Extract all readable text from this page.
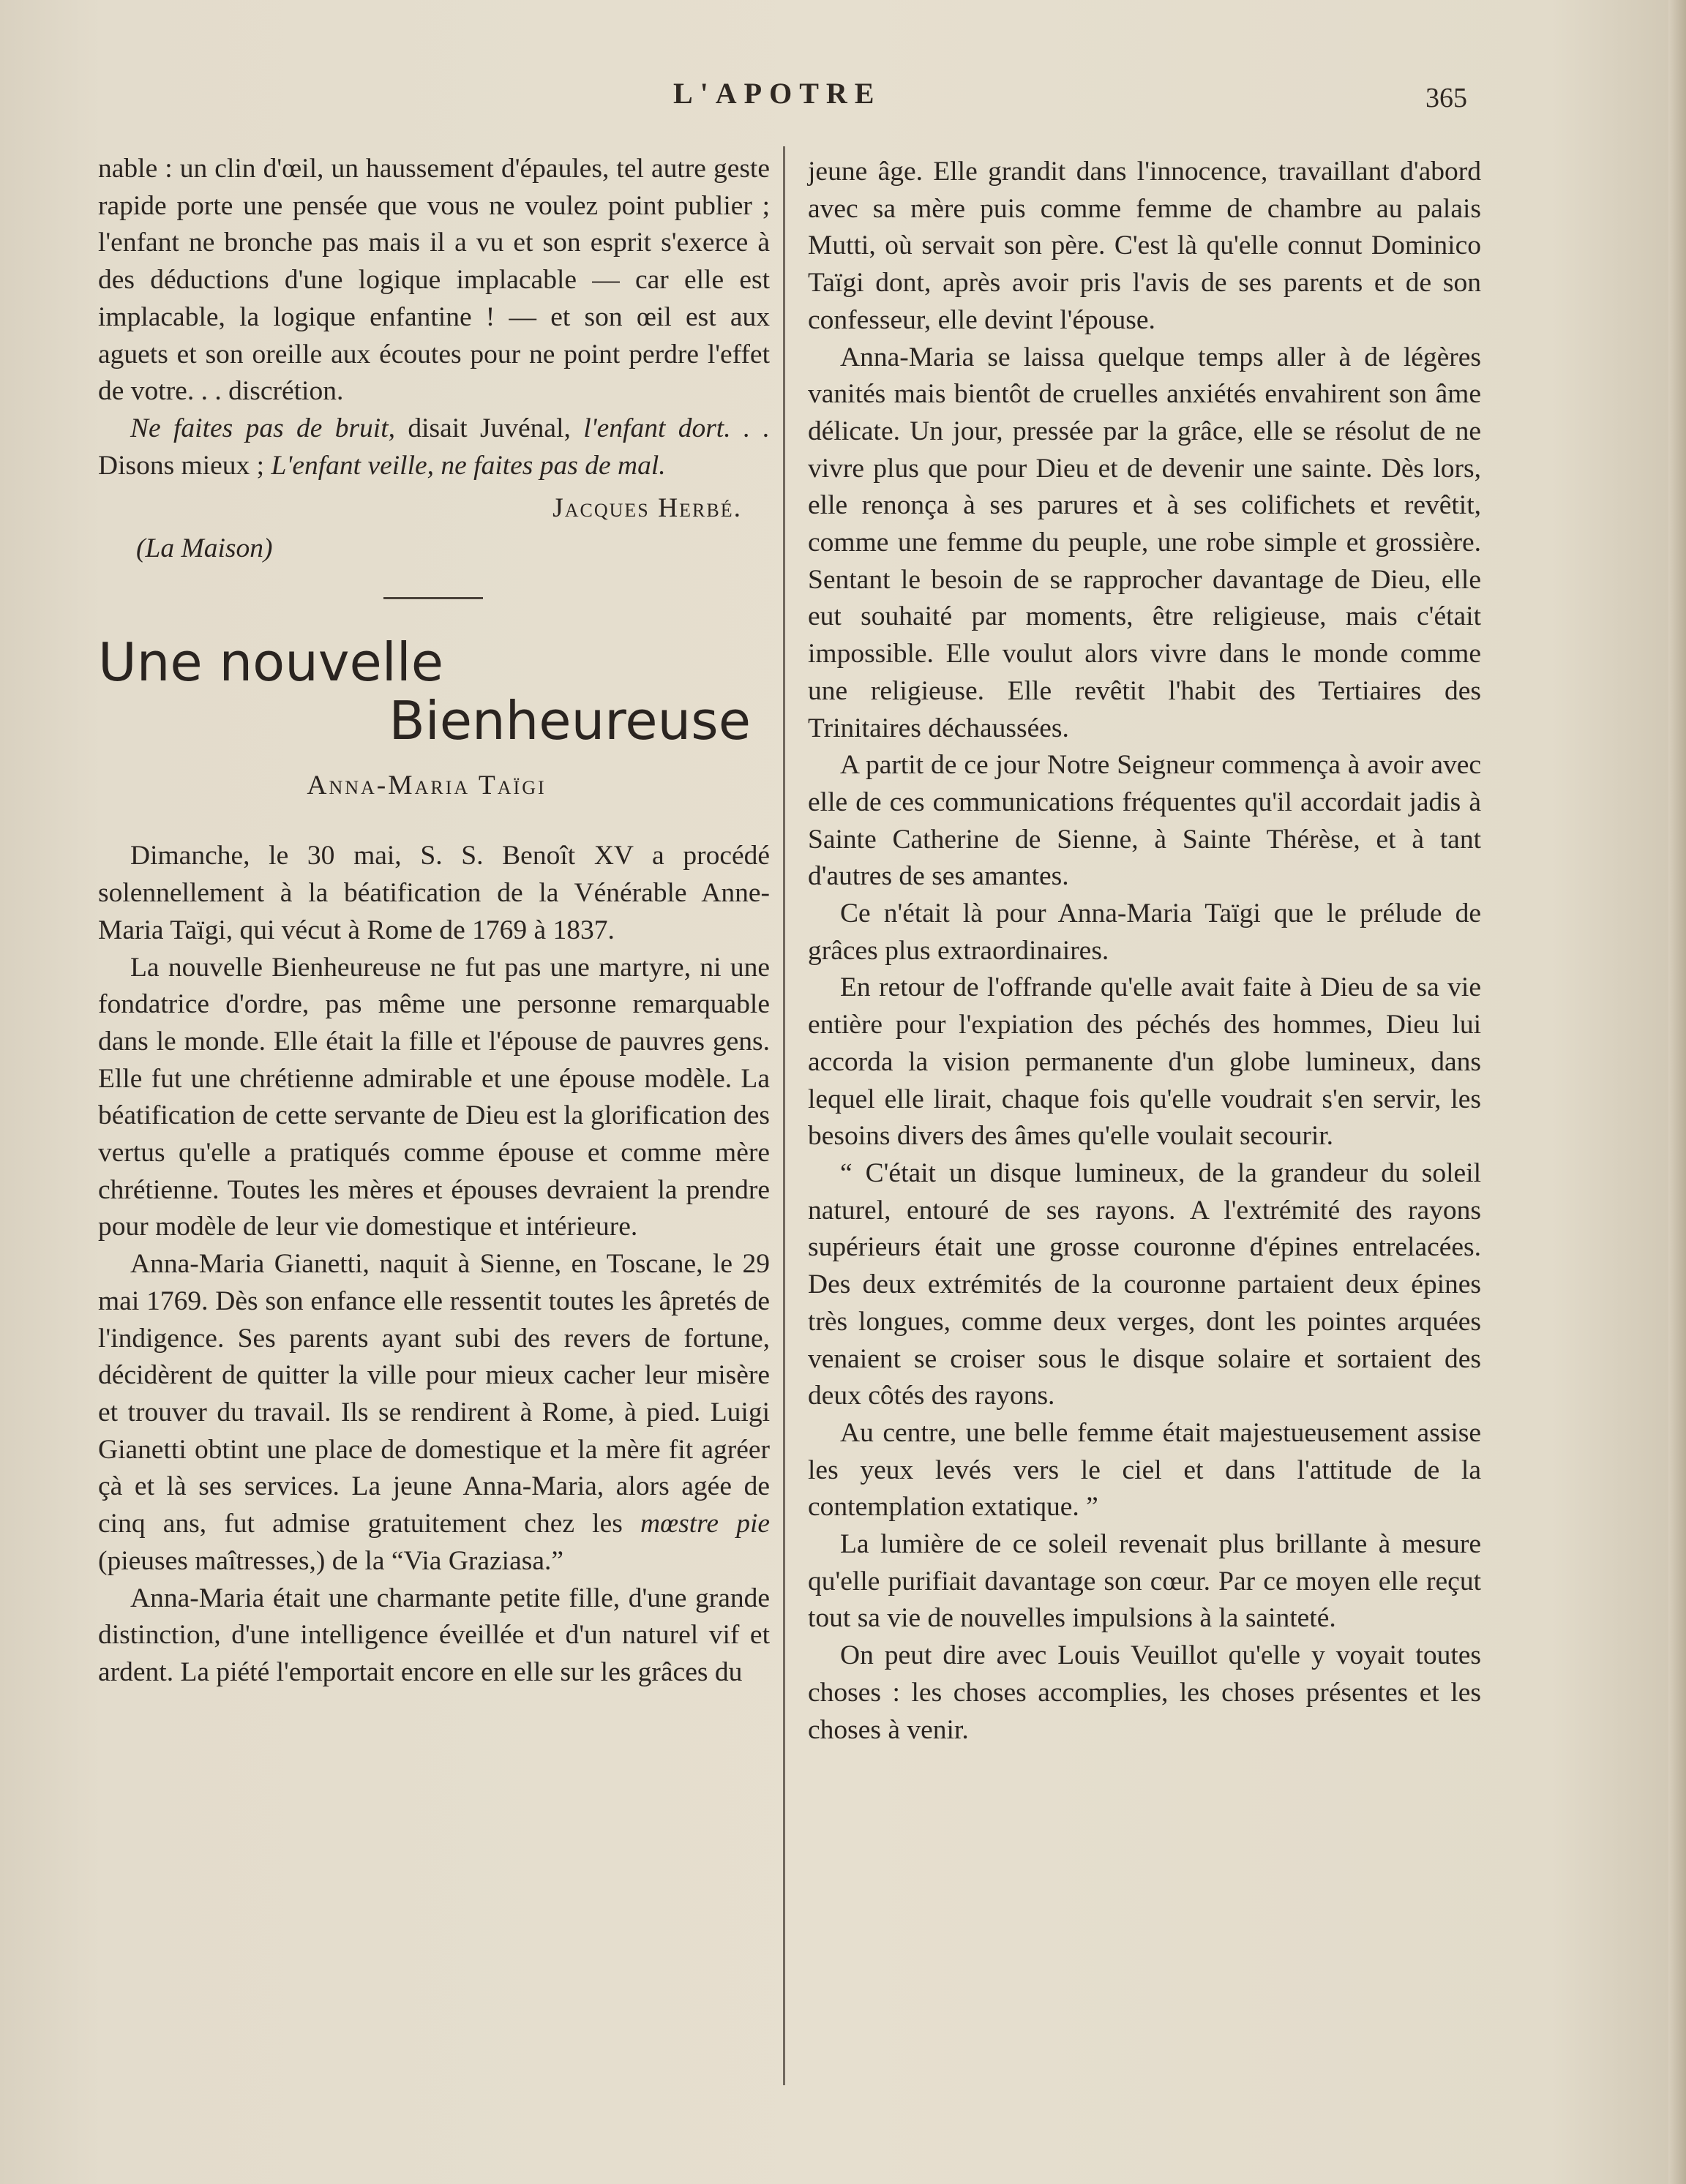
L'APOTRE	365

nable : un clin d'œil, un haussement d'épaules, tel autre geste rapide porte une pensée que vous ne voulez point publier ; l'enfant ne bronche pas mais il a vu et son esprit s'exerce à des déductions d'une logique implacable — car elle est implacable, la logique enfantine ! — et son œil est aux aguets et son oreille aux écoutes pour ne point perdre l'effet de votre. . . discrétion.

Ne faites pas de bruit, disait Juvénal, l'enfant dort. . . Disons mieux ; L'enfant veille, ne faites pas de mal.

Jacques Herbé.

(La Maison)

Une nouvelle

Bienheureuse

Anna-Maria Taïgi

Dimanche, le 30 mai, S. S. Benoît XV a procédé solennellement à la béatification de la Vénérable Anne-Maria Taïgi, qui vécut à Rome de 1769 à 1837.

La nouvelle Bienheureuse ne fut pas une martyre, ni une fondatrice d'ordre, pas même une personne remarquable dans le monde. Elle était la fille et l'épouse de pauvres gens. Elle fut une chrétienne admirable et une épouse modèle. La béatification de cette servante de Dieu est la glorification des vertus qu'elle a pratiqués comme épouse et comme mère chrétienne. Toutes les mères et épouses devraient la prendre pour modèle de leur vie domestique et intérieure.

Anna-Maria Gianetti, naquit à Sienne, en Toscane, le 29 mai 1769. Dès son enfance elle ressentit toutes les âpretés de l'indigence. Ses parents ayant subi des revers de fortune, décidèrent de quitter la ville pour mieux cacher leur misère et trouver du travail. Ils se rendirent à Rome, à pied. Luigi Gianetti obtint une place de domestique et la mère fit agréer çà et là ses services. La jeune Anna-Maria, alors agée de cinq ans, fut admise gratuitement chez les mœstre pie (pieuses maîtresses,) de la “Via Graziasa.”

Anna-Maria était une charmante petite fille, d'une grande distinction, d'une intelligence éveillée et d'un naturel vif et ardent. La piété l'emportait encore en elle sur les grâces du

jeune âge. Elle grandit dans l'innocence, travaillant d'abord avec sa mère puis comme femme de chambre au palais Mutti, où servait son père. C'est là qu'elle connut Dominico Taïgi dont, après avoir pris l'avis de ses parents et de son confesseur, elle devint l'épouse.

Anna-Maria se laissa quelque temps aller à de légères vanités mais bientôt de cruelles anxiétés envahirent son âme délicate. Un jour, pressée par la grâce, elle se résolut de ne vivre plus que pour Dieu et de devenir une sainte. Dès lors, elle renonça à ses parures et à ses colifichets et revêtit, comme une femme du peuple, une robe simple et grossière. Sentant le besoin de se rapprocher davantage de Dieu, elle eut souhaité par moments, être religieuse, mais c'était impossible. Elle voulut alors vivre dans le monde comme une religieuse. Elle revêtit l'habit des Tertiaires des Trinitaires déchaussées.

A partit de ce jour Notre Seigneur commença à avoir avec elle de ces communications fréquentes qu'il accordait jadis à Sainte Catherine de Sienne, à Sainte Thérèse, et à tant d'autres de ses amantes.

Ce n'était là pour Anna-Maria Taïgi que le prélude de grâces plus extraordinaires.

En retour de l'offrande qu'elle avait faite à Dieu de sa vie entière pour l'expiation des péchés des hommes, Dieu lui accorda la vision permanente d'un globe lumineux, dans lequel elle lirait, chaque fois qu'elle voudrait s'en servir, les besoins divers des âmes qu'elle voulait secourir.

“ C'était un disque lumineux, de la grandeur du soleil naturel, entouré de ses rayons. A l'extrémité des rayons supérieurs était une grosse couronne d'épines entrelacées. Des deux extrémités de la couronne partaient deux épines très longues, comme deux verges, dont les pointes arquées venaient se croiser sous le disque solaire et sortaient des deux côtés des rayons.

Au centre, une belle femme était majestueusement assise les yeux levés vers le ciel et dans l'attitude de la contemplation extatique. ”

La lumière de ce soleil revenait plus brillante à mesure qu'elle purifiait davantage son cœur. Par ce moyen elle reçut tout sa vie de nouvelles impulsions à la sainteté.

On peut dire avec Louis Veuillot qu'elle y voyait toutes choses : les choses accomplies, les choses présentes et les choses à venir.
